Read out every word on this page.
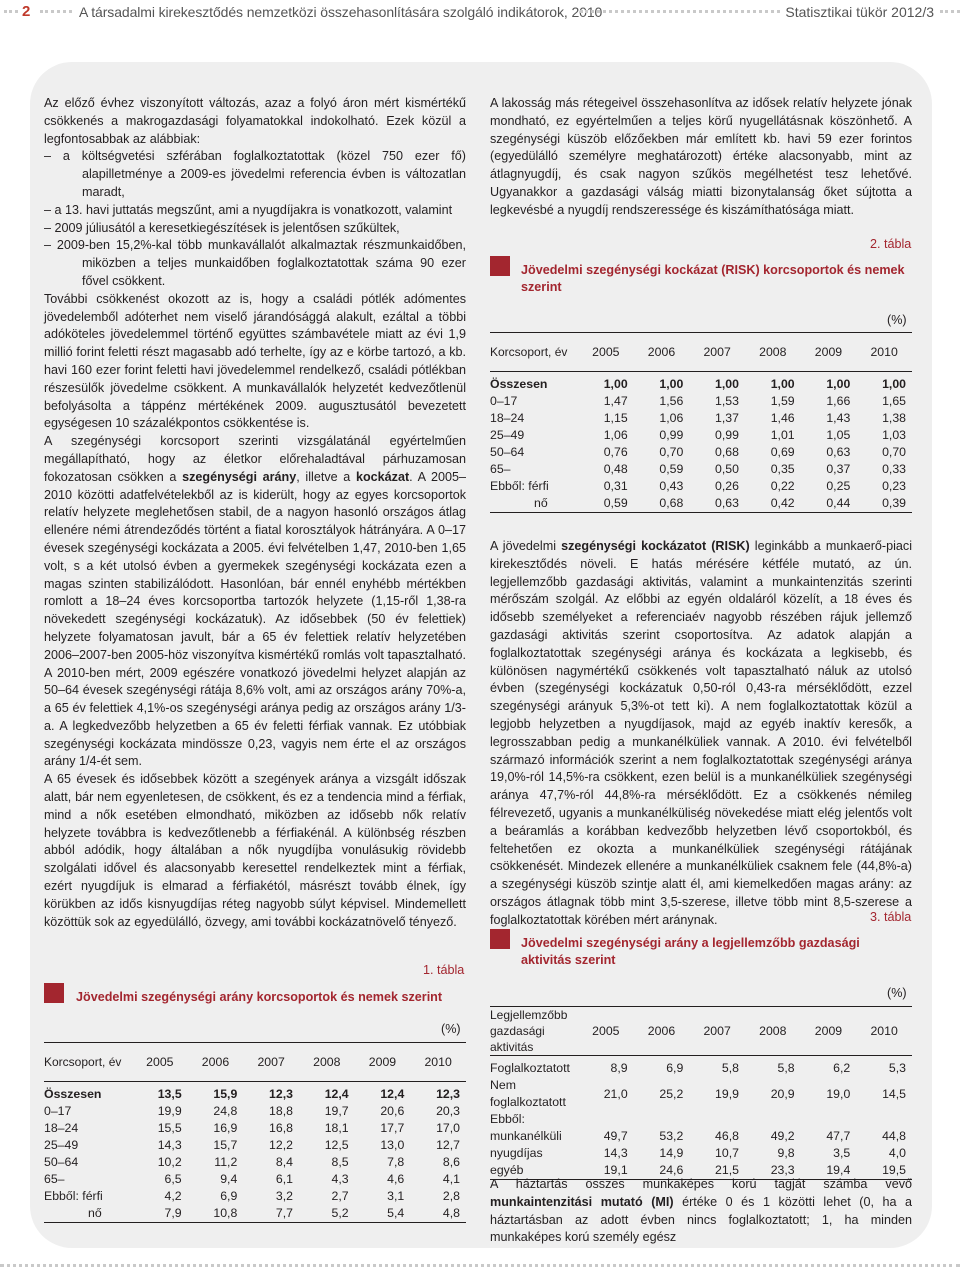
2	A társadalmi kirekesztődés nemzetközi összehasonlítására szolgáló indikátorok, 2010	Statisztikai tükör 2012/3

Az előző évhez viszonyított változás, azaz a folyó áron mért kismértékű csökkenés a makrogazdasági folyamatokkal indokolható. Ezek közül a legfontosabbak az alábbiak:

– a költségvetési szférában foglalkoztatottak (közel 750 ezer fő) alapilletménye a 2009-es jövedelmi referencia évben is változatlan maradt,

– a 13. havi juttatás megszűnt, ami a nyugdíjakra is vonatkozott, valamint

– 2009 júliusától a keresetkiegészítések is jelentősen szűkültek,

– 2009-ben 15,2%-kal több munkavállalót alkalmaztak részmunkaidőben, miközben a teljes munkaidőben foglalkoztatottak száma 90 ezer fővel csökkent.

További csökkenést okozott az is, hogy a családi pótlék adómentes jövedelemből adóterhet nem viselő járandósággá alakult, ezáltal a többi adóköteles jövedelemmel történő együttes számbavétele miatt az évi 1,9 millió forint feletti részt magasabb adó terhelte, így az e körbe tartozó, a kb. havi 160 ezer forint feletti havi jövedelemmel rendelkező, családi pótlékban részesülők jövedelme csökkent. A munkavállalók helyzetét kedvezőtlenül befolyásolta a táppénz mértékének 2009. augusztusától bevezetett egységesen 10 százalékpontos csökkentése is.

A szegénységi korcsoport szerinti vizsgálatánál egyértelműen megállapítható, hogy az életkor előrehaladtával párhuzamosan fokozatosan csökken a szegénységi arány, illetve a kockázat. A 2005–2010 közötti adatfelvételekből az is kiderült, hogy az egyes korcsoportok relatív helyzete meglehetősen stabil, de a nagyon hasonló országos átlag ellenére némi átrendeződés történt a fiatal korosztályok hátrányára. A 0–17 évesek szegénységi kockázata a 2005. évi felvételben 1,47, 2010-ben 1,65 volt, s a két utolsó évben a gyermekek szegénységi kockázata ezen a magas szinten stabilizálódott. Hasonlóan, bár ennél enyhébb mértékben romlott a 18–24 éves korcsoportba tartozók helyzete (1,15-ről 1,38-ra növekedett szegénységi kockázatuk). Az idősebbek (50 év felettiek) helyzete folyamatosan javult, bár a 65 év felettiek relatív helyzetében 2006–2007-ben 2005-höz viszonyítva kismértékű romlás volt tapasztalható. A 2010-ben mért, 2009 egészére vonatkozó jövedelmi helyzet alapján az 50–64 évesek szegénységi rátája 8,6% volt, ami az országos arány 70%-a, a 65 év felettiek 4,1%-os szegénységi aránya pedig az országos arány 1/3-a. A legkedvezőbb helyzetben a 65 év feletti férfiak vannak. Ez utóbbiak szegénységi kockázata mindössze 0,23, vagyis nem érte el az országos arány 1/4-ét sem.

A 65 évesek és idősebbek között a szegények aránya a vizsgált időszak alatt, bár nem egyenletesen, de csökkent, és ez a tendencia mind a férfiak, mind a nők esetében elmondható, miközben az idősebb nők relatív helyzete továbbra is kedvezőtlenebb a férfiakénál. A különbség részben abból adódik, hogy általában a nők nyugdíjba vonulásukig rövidebb szolgálati idővel és alacsonyabb keresettel rendelkeztek mint a férfiak, ezért nyugdíjuk is elmarad a férfiakétól, másrészt tovább élnek, így körükben az idős kisnyugdíjas réteg nagyobb súlyt képvisel. Mindemellett közöttük sok az egyedülálló, özvegy, ami további kockázatnövelő tényező.

1. tábla
Jövedelmi szegénységi arány korcsoportok és nemek szerint
(%)
Korcsoport, év	2005	2006	2007	2008	2009	2010

Összesen	13,5	15,9	12,3	12,4	12,4	12,3
0–17	19,9	24,8	18,8	19,7	20,6	20,3
18–24	15,5	16,9	16,8	18,1	17,7	17,0
25–49	14,3	15,7	12,2	12,5	13,0	12,7
50–64	10,2	11,2	8,4	8,5	7,8	8,6
65–	6,5	9,4	6,1	4,3	4,6	4,1
Ebből: férfi	4,2	6,9	3,2	2,7	3,1	2,8
nő	7,9	10,8	7,7	5,2	5,4	4,8

A lakosság más rétegeivel összehasonlítva az idősek relatív helyzete jónak mondható, ez egyértelműen a teljes körű nyugellátásnak köszönhető. A szegénységi küszöb előzőekben már említett kb. havi 59 ezer forintos (egyedülálló személyre meghatározott) értéke alacsonyabb, mint az átlagnyugdíj, és csak nagyon szűkös megélhetést tesz lehetővé. Ugyanakkor a gazdasági válság miatti bizonytalanság őket sújtotta a legkevésbé a nyugdíj rendszeressége és kiszámíthatósága miatt.

2. tábla
Jövedelmi szegénységi kockázat (RISK) korcsoportok és nemek szerint
(%)
Korcsoport, év	2005	2006	2007	2008	2009	2010

Összesen	1,00	1,00	1,00	1,00	1,00	1,00
0–17	1,47	1,56	1,53	1,59	1,66	1,65
18–24	1,15	1,06	1,37	1,46	1,43	1,38
25–49	1,06	0,99	0,99	1,01	1,05	1,03
50–64	0,76	0,70	0,68	0,69	0,63	0,70
65–	0,48	0,59	0,50	0,35	0,37	0,33
Ebből: férfi	0,31	0,43	0,26	0,22	0,25	0,23
nő	0,59	0,68	0,63	0,42	0,44	0,39

A jövedelmi szegénységi kockázatot (RISK) leginkább a munkaerő-piaci kirekesztődés növeli. E hatás mérésére kétféle mutató, az ún. legjellemzőbb gazdasági aktivitás, valamint a munkaintenzitás szerinti mérőszám szolgál. Az előbbi az egyén oldaláról közelít, a 18 éves és idősebb személyeket a referenciaév nagyobb részében rájuk jellemző gazdasági aktivitás szerint csoportosítva. Az adatok alapján a foglalkoztatottak szegénységi aránya és kockázata a legkisebb, és különösen nagymértékű csökkenés volt tapasztalható náluk az utolsó évben (szegénységi kockázatuk 0,50-ról 0,43-ra mérséklődött, ezzel szegénységi arányuk 5,3%-ot tett ki). A nem foglalkoztatottak közül a legjobb helyzetben a nyugdíjasok, majd az egyéb inaktív keresők, a legrosszabban pedig a munkanélküliek vannak. A 2010. évi felvételből származó információk szerint a nem foglalkoztatottak szegénységi aránya 19,0%-ról 14,5%-ra csökkent, ezen belül is a munkanélküliek szegénységi aránya 47,7%-ról 44,8%-ra mérséklődött. Ez a csökkenés némileg félrevezető, ugyanis a munkanélküliség növekedése miatt elég jelentős volt a beáramlás a korábban kedvezőbb helyzetben lévő csoportokból, és feltehetően ez okozta a munkanélküliek szegénységi rátájának csökkenését. Mindezek ellenére a munkanélküliek csaknem fele (44,8%-a) a szegénységi küszöb szintje alatt él, ami kiemelkedően magas arány: az országos átlagnak több mint 3,5-szerese, illetve több mint 8,5-szerese a foglalkoztatottak körében mért aránynak.	3. tábla
Jövedelmi szegénységi arány a legjellemzőbb gazdasági aktivitás szerint
(%)
Legjellemzőbb gazdasági aktivitás	2005	2006	2007	2008	2009	2010

Foglalkoztatott	8,9	6,9	5,8	5,8	6,2	5,3
Nem foglalkoztatott	21,0	25,2	19,9	20,9	19,0	14,5
Ebből:						
munkanélküli	49,7	53,2	46,8	49,2	47,7	44,8
nyugdíjas	14,3	14,9	10,7	9,8	3,5	4,0
egyéb	19,1	24,6	21,5	23,3	19,4	19,5

A háztartás összes munkaképes korú tagját számba vevő munkaintenzitási mutató (MI) értéke 0 és 1 közötti lehet (0, ha a háztartásban az adott évben nincs foglalkoztatott; 1, ha minden munkaképes korú személy egész
